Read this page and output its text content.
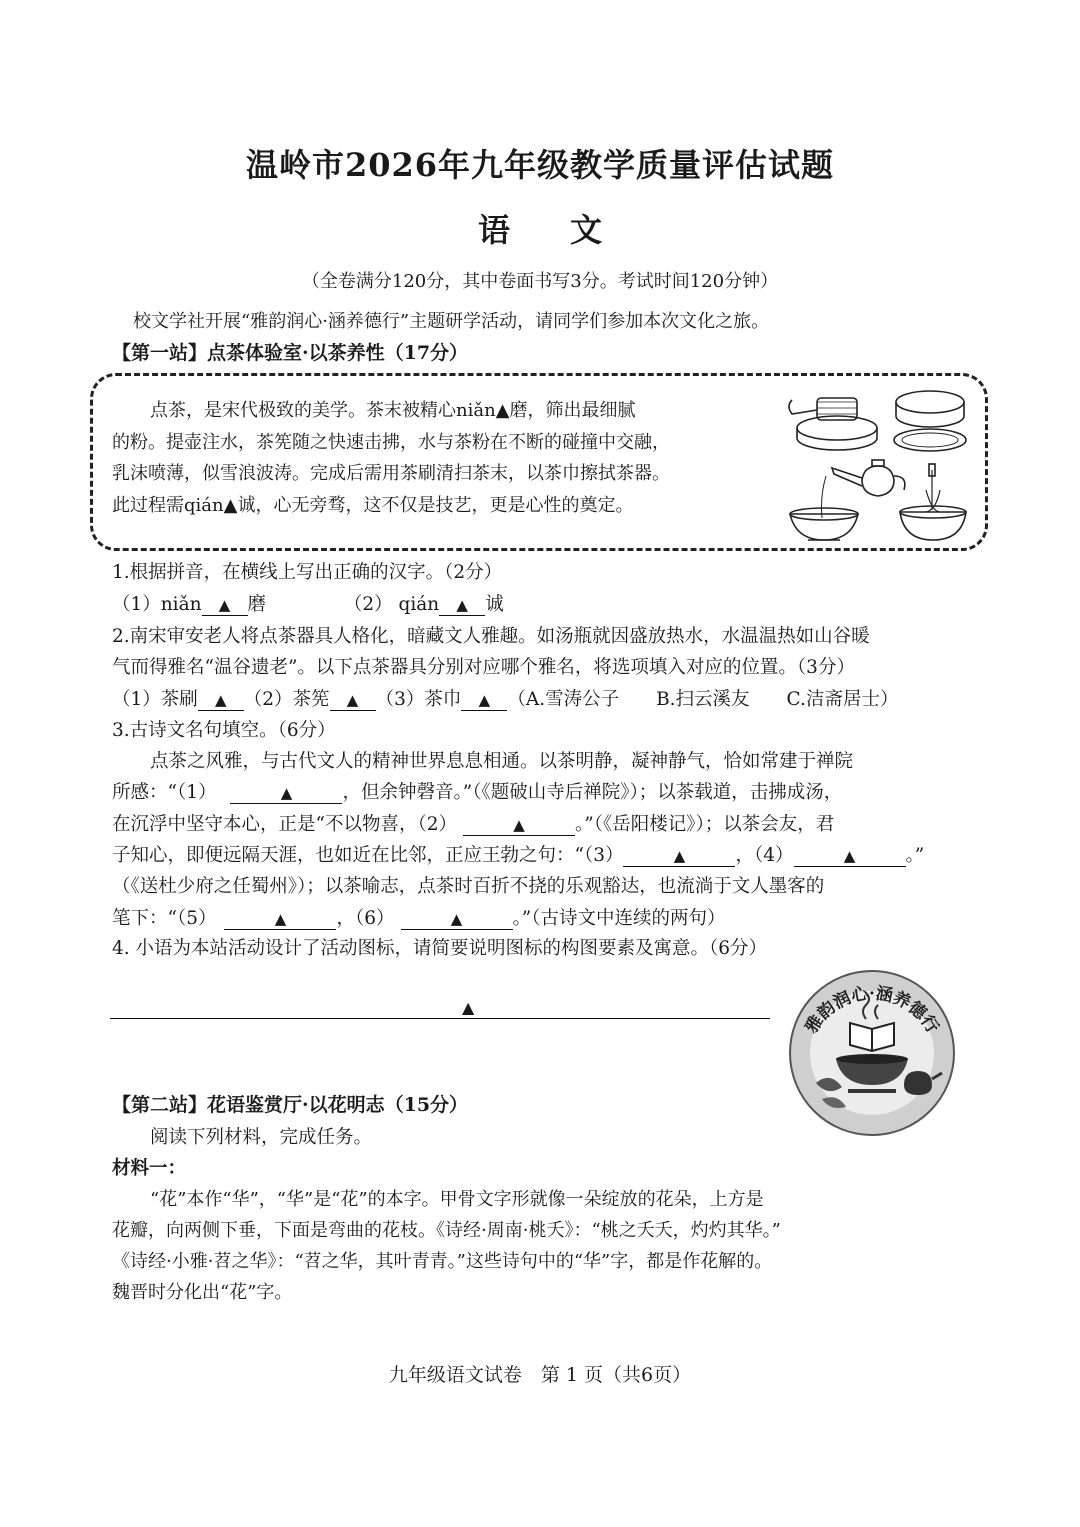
温岭市2026年九年级教学质量评估试题
语文
（全卷满分120分，其中卷面书写3分。考试时间120分钟）
校文学社开展“雅韵润心·涵养德行”主题研学活动，请同学们参加本次文化之旅。
【第一站】点茶体验室·以茶养性（17分）

点茶，是宋代极致的美学。茶末被精心niǎn▲磨，筛出最细腻

的粉。提壶注水，茶筅随之快速击拂，水与茶粉在不断的碰撞中交融，
乳沫喷薄，似雪浪波涛。完成后需用茶刷清扫茶末，以茶巾擦拭茶器。
此过程需qián▲诚，心无旁骛，这不仅是技艺，更是心性的奠定。
1.根据拼音，在横线上写出正确的汉字。（2分）
（1）niǎn ▲ 磨	（2） qián ▲ 诚
2.南宋审安老人将点茶器具人格化，暗藏文人雅趣。如汤瓶就因盛放热水，水温温热如山谷暖
气而得雅名“温谷遗老”。以下点茶器具分别对应哪个雅名，将选项填入对应的位置。（3分）
（1）茶刷 ▲ （2）茶筅 ▲ （3）茶巾 ▲ （A.雪涛公子　　B.扫云溪友　　C.洁斋居士）
3.古诗文名句填空。（6分）
点茶之风雅，与古代文人的精神世界息息相通。以茶明静，凝神静气，恰如常建于禅院
所感：“（1）	▲	，但余钟磬音。”（《题破山寺后禅院》）；以茶载道，击拂成汤，
在沉浮中坚守本心，正是“不以物喜，（2）	▲	。”（《岳阳楼记》）；以茶会友，君
子知心，即便远隔天涯，也如近在比邻，正应王勃之句：“（3）	▲	，（4）	▲	。”
（《送杜少府之任蜀州》）；以茶喻志，点茶时百折不挠的乐观豁达，也流淌于文人墨客的
笔下：“（5）	▲	，（6）	▲	。”（古诗文中连续的两句）
4. 小语为本站活动设计了活动图标，请简要说明图标的构图要素及寓意。（6分）
▲
雅韵润心·涵养德行
【第二站】花语鉴赏厅·以花明志（15分）
阅读下列材料，完成任务。
材料一：
“花”本作“华”，“华”是“花”的本字。甲骨文字形就像一朵绽放的花朵，上方是
花瓣，向两侧下垂，下面是弯曲的花枝。《诗经·周南·桃夭》：“桃之夭夭，灼灼其华。”
《诗经·小雅·苕之华》：“苕之华，其叶青青。”这些诗句中的“华”字，都是作花解的。
魏晋时分化出“花”字。
九年级语文试卷　第 1 页（共6页）
